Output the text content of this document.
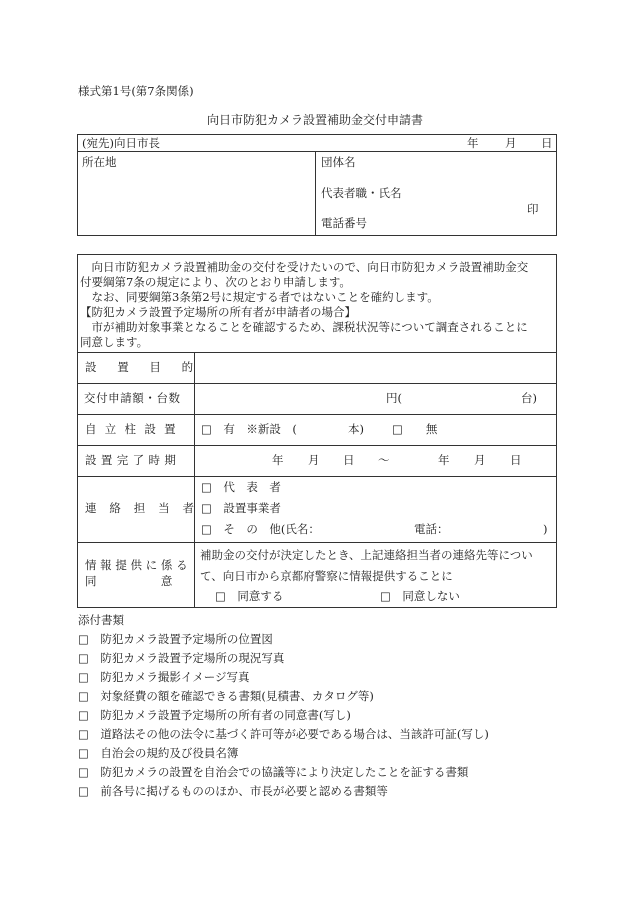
様式第1号(第7条関係)
向日市防犯カメラ設置補助金交付申請書
(宛先)向日市長	年 月 日
所在地	団体名
代表者職・氏名
印
電話番号
　向日市防犯カメラ設置補助金の交付を受けたいので、向日市防犯カメラ設置補助金交
付要綱第7条の規定により、次のとおり申請します。
　なお、同要綱第3条第2号に規定する者ではないことを確約します。
【防犯カメラ設置予定場所の所有者が申請者の場合】
　市が補助対象事業となることを確認するため、課税状況等について調査されることに
同意します。
設置目的
交付申請額・台数	円(	台)
自立柱設置 □　有　※新設　(	本) □　　無
設置完了時期	年 月 日 ～	年 月 日
連絡担当者
□　代　表　者
□　設置事業者
□　そ　の　他(氏名：	電話：	)
情報提供に係る
同　　　　　意
補助金の交付が決定したとき、上記連絡担当者の連絡先等につい
て、向日市から京都府警察に情報提供することに
□　同意する	□　同意しない
添付書類
□　防犯カメラ設置予定場所の位置図
□　防犯カメラ設置予定場所の現況写真
□　防犯カメラ撮影イメージ写真
□　対象経費の額を確認できる書類(見積書、カタログ等)
□　防犯カメラ設置予定場所の所有者の同意書(写し)
□　道路法その他の法令に基づく許可等が必要である場合は、当該許可証(写し)
□　自治会の規約及び役員名簿
□　防犯カメラの設置を自治会での協議等により決定したことを証する書類
□　前各号に掲げるもののほか、市長が必要と認める書類等
